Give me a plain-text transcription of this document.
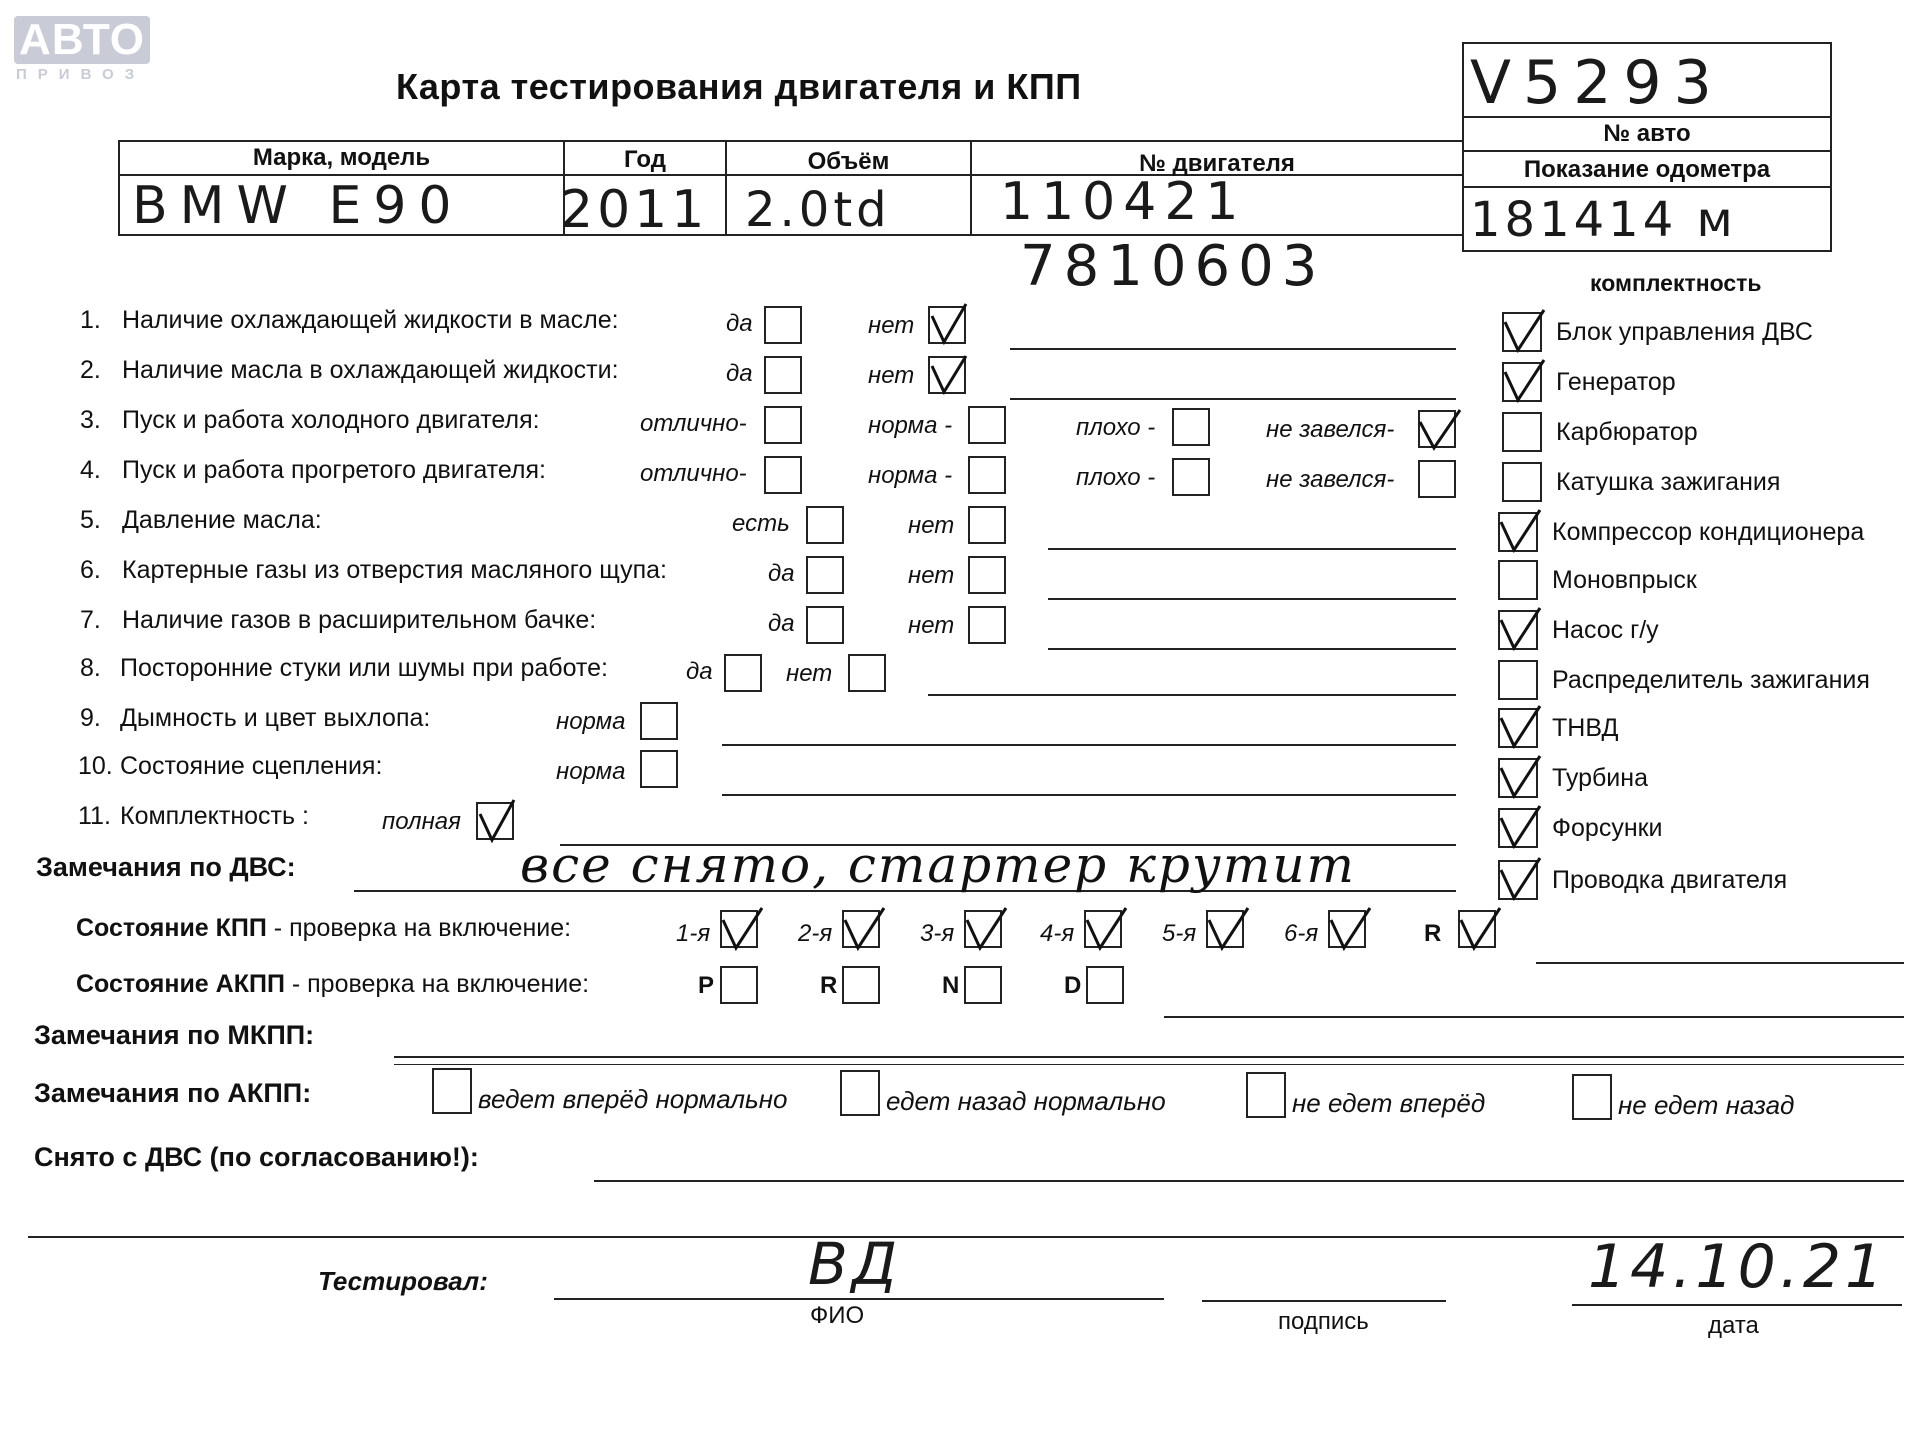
АВТО
ПРИВОЗ	Карта тестирования двигателя и КПП	V5293
№ авто
Показание одометра
181414 м
Марка, модель	Год	Объём	№ двигателя
BMW E90 2011 2.0td 110421
7810603	комплектность
1. Наличие охлаждающей жидкости в масле:	да	нет
2. Наличие масла в охлаждающей жидкости:	да	нет
3. Пуск и работа холодного двигателя:	отлично-	норма -	плохо -	не завелся-
4. Пуск и работа прогретого двигателя:	отлично-	норма -	плохо -	не завелся-
5. Давление масла:	есть	нет
6. Картерные газы из отверстия масляного щупа:	да	нет
7. Наличие газов в расширительном бачке:	да	нет
8. Посторонние стуки или шумы при работе:	да	нет
9. Дымность и цвет выхлопа:	норма
10. Состояние сцепления:	норма
11. Комплектность :	полная
Замечания по ДВС:	все снято, стартер крутит
Блок управления ДВС
Генератор
Карбюратор
Катушка зажигания
Компрессор кондиционера
Моновпрыск
Насос г/у
Распределитель зажигания
ТНВД
Турбина
Форсунки
Проводка двигателя
Состояние КПП - проверка на включение:	1-я	2-я	3-я	4-я	5-я	6-я	R
Состояние АКПП - проверка на включение:	P	R	N	D
Замечания по МКПП:
Замечания по АКПП:	ведет вперёд нормально	едет назад нормально	не едет вперёд	не едет назад
Снято с ДВС (по согласованию!):
Тестировал:	ВД
ФИО	подпись
14.10.21
дата
